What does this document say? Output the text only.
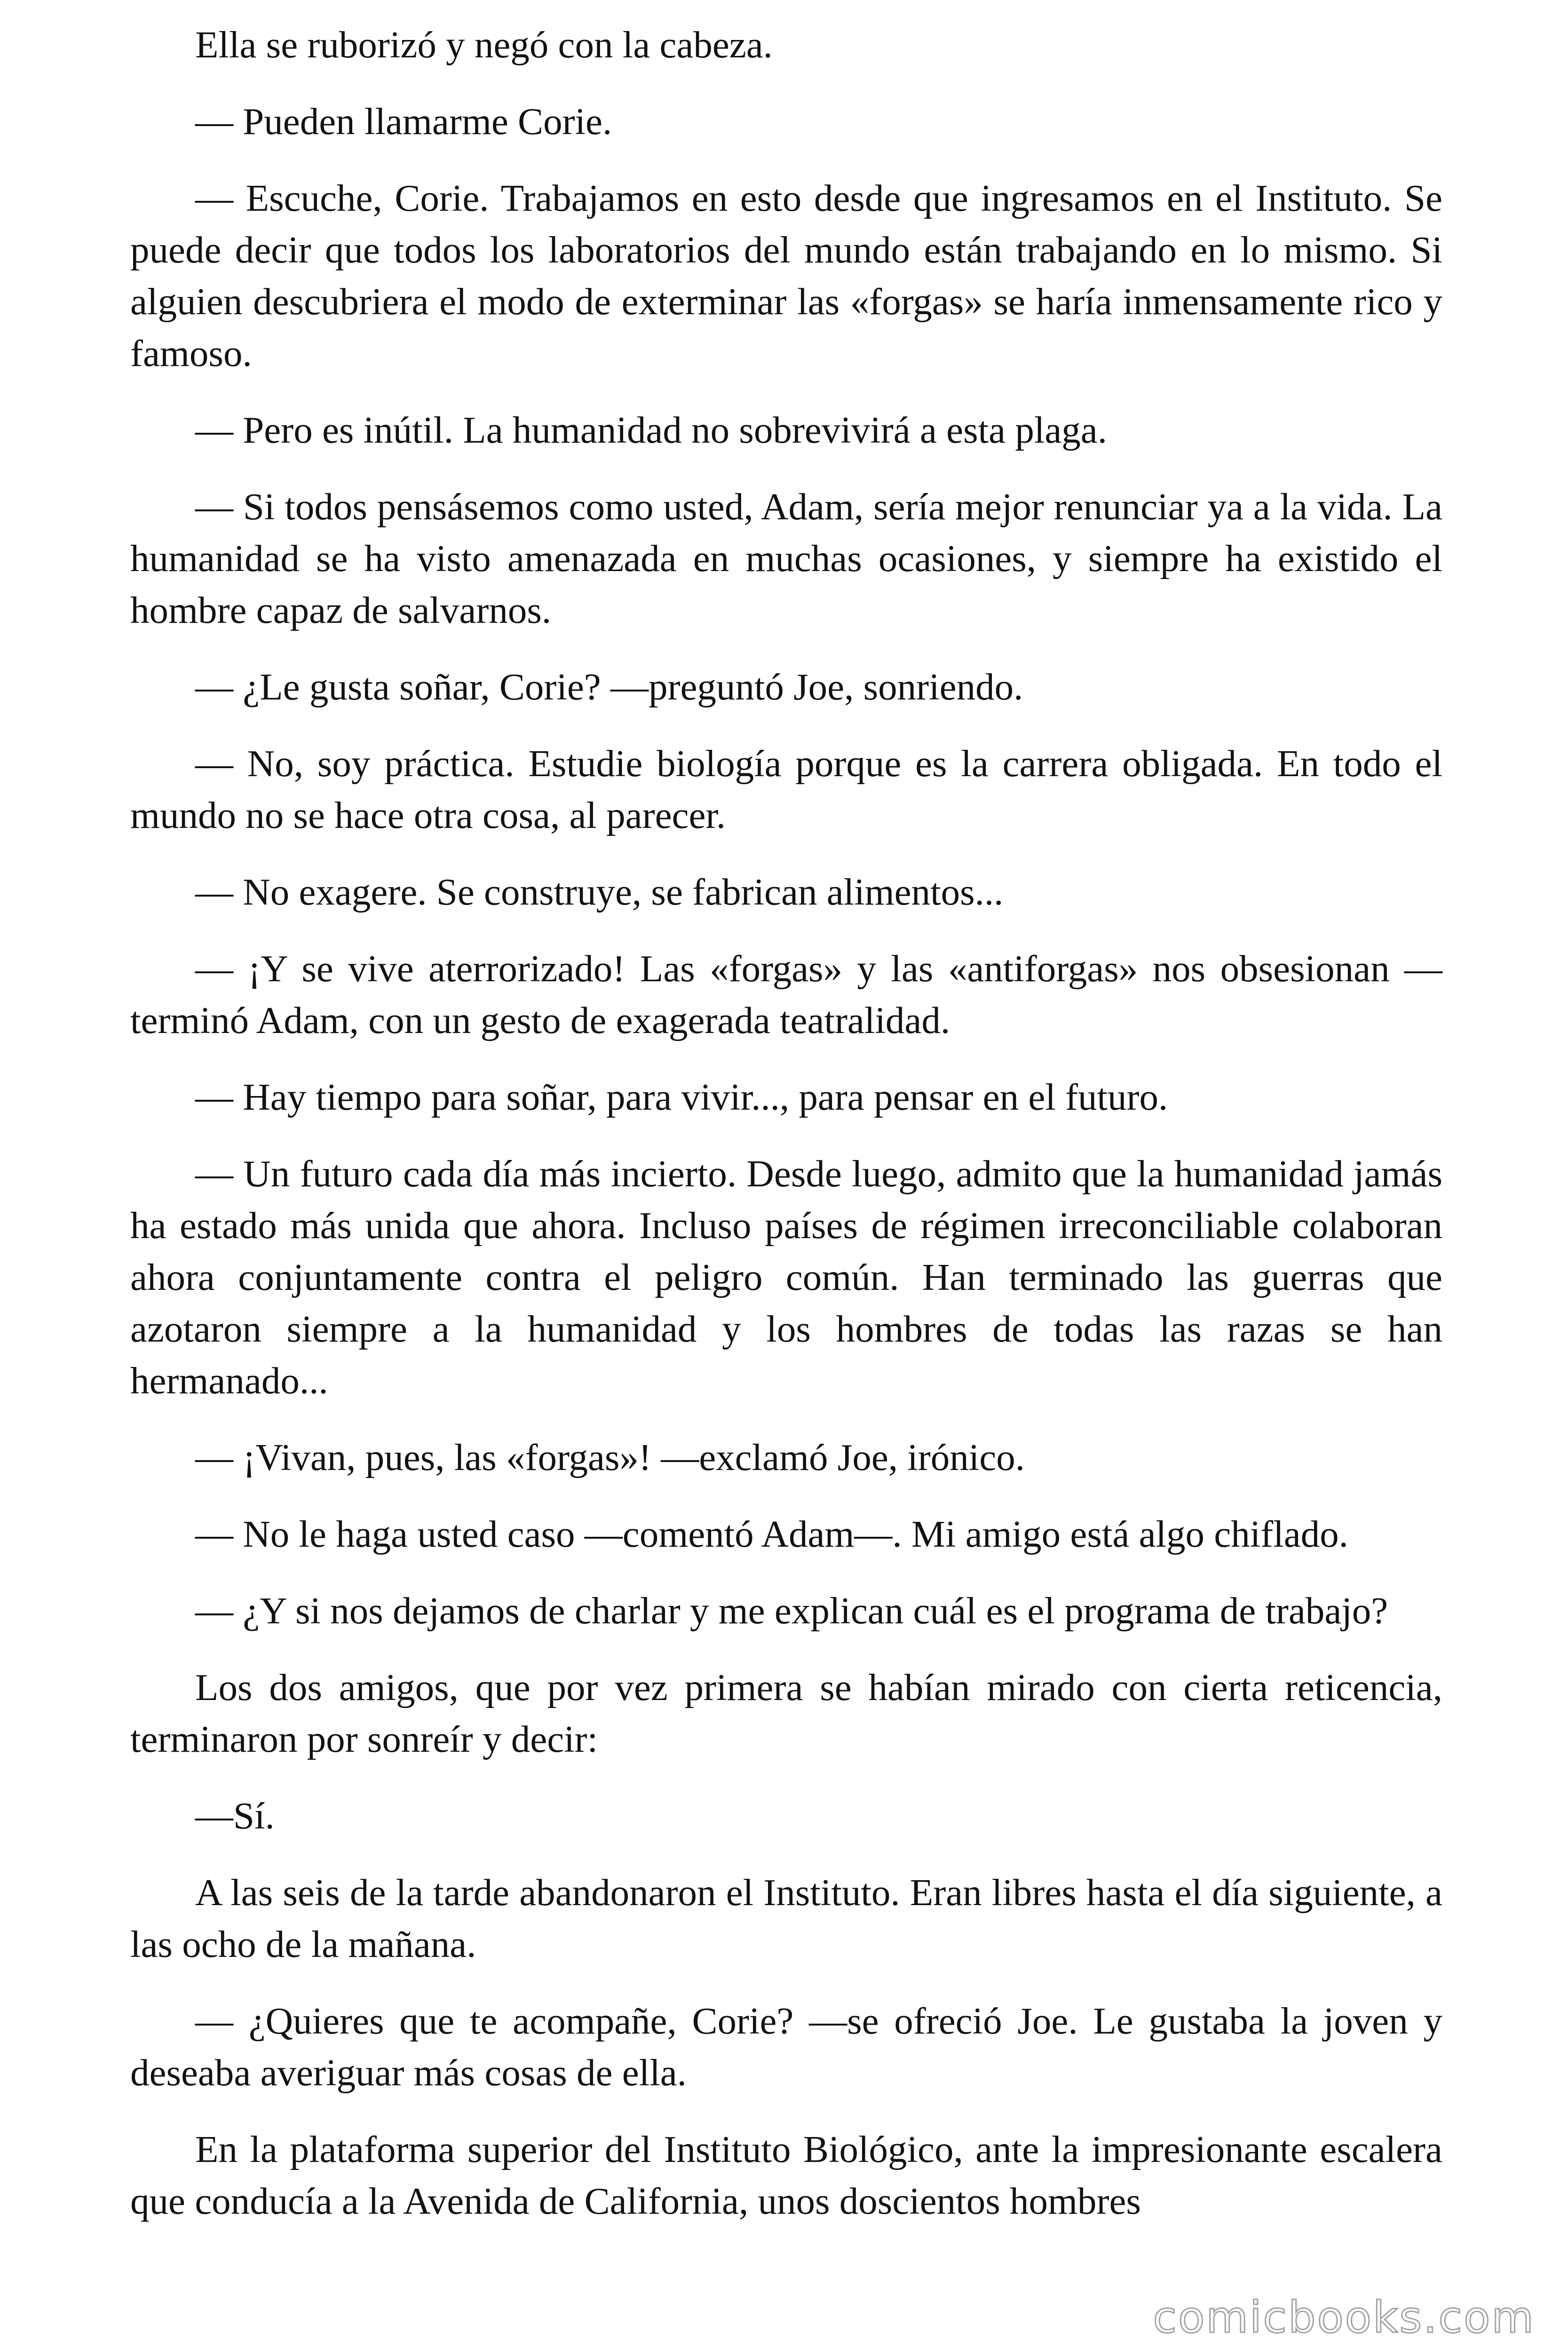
Ella se ruborizó y negó con la cabeza.

— Pueden llamarme Corie.

— Escuche, Corie. Trabajamos en esto desde que ingresamos en el Instituto. Se puede decir que todos los laboratorios del mundo están trabajando en lo mismo. Si alguien descubriera el modo de exterminar las «forgas» se haría inmensamente rico y famoso.

— Pero es inútil. La humanidad no sobrevivirá a esta plaga.

— Si todos pensásemos como usted, Adam, sería mejor renunciar ya a la vida. La humanidad se ha visto amenazada en muchas ocasiones, y siempre ha existido el hombre capaz de salvarnos.

— ¿Le gusta soñar, Corie? —preguntó Joe, sonriendo.

— No, soy práctica. Estudie biología porque es la carrera obligada. En todo el mundo no se hace otra cosa, al parecer.

— No exagere. Se construye, se fabrican alimentos...

— ¡Y se vive aterrorizado! Las «forgas» y las «antiforgas» nos obsesionan — terminó Adam, con un gesto de exagerada teatralidad.

— Hay tiempo para soñar, para vivir..., para pensar en el futuro.

— Un futuro cada día más incierto. Desde luego, admito que la humanidad jamás ha estado más unida que ahora. Incluso países de régimen irreconciliable colaboran ahora conjuntamente contra el peligro común. Han terminado las guerras que azotaron siempre a la humanidad y los hombres de todas las razas se han hermanado...

— ¡Vivan, pues, las «forgas»! —exclamó Joe, irónico.

— No le haga usted caso —comentó Adam—. Mi amigo está algo chiflado.

— ¿Y si nos dejamos de charlar y me explican cuál es el programa de trabajo?

Los dos amigos, que por vez primera se habían mirado con cierta reticencia, terminaron por sonreír y decir:

—Sí.

A las seis de la tarde abandonaron el Instituto. Eran libres hasta el día siguiente, a las ocho de la mañana.

— ¿Quieres que te acompañe, Corie? —se ofreció Joe. Le gustaba la joven y deseaba averiguar más cosas de ella.

En la plataforma superior del Instituto Biológico, ante la impresionante escalera que conducía a la Avenida de California, unos doscientos hombres

comicbooks.com
